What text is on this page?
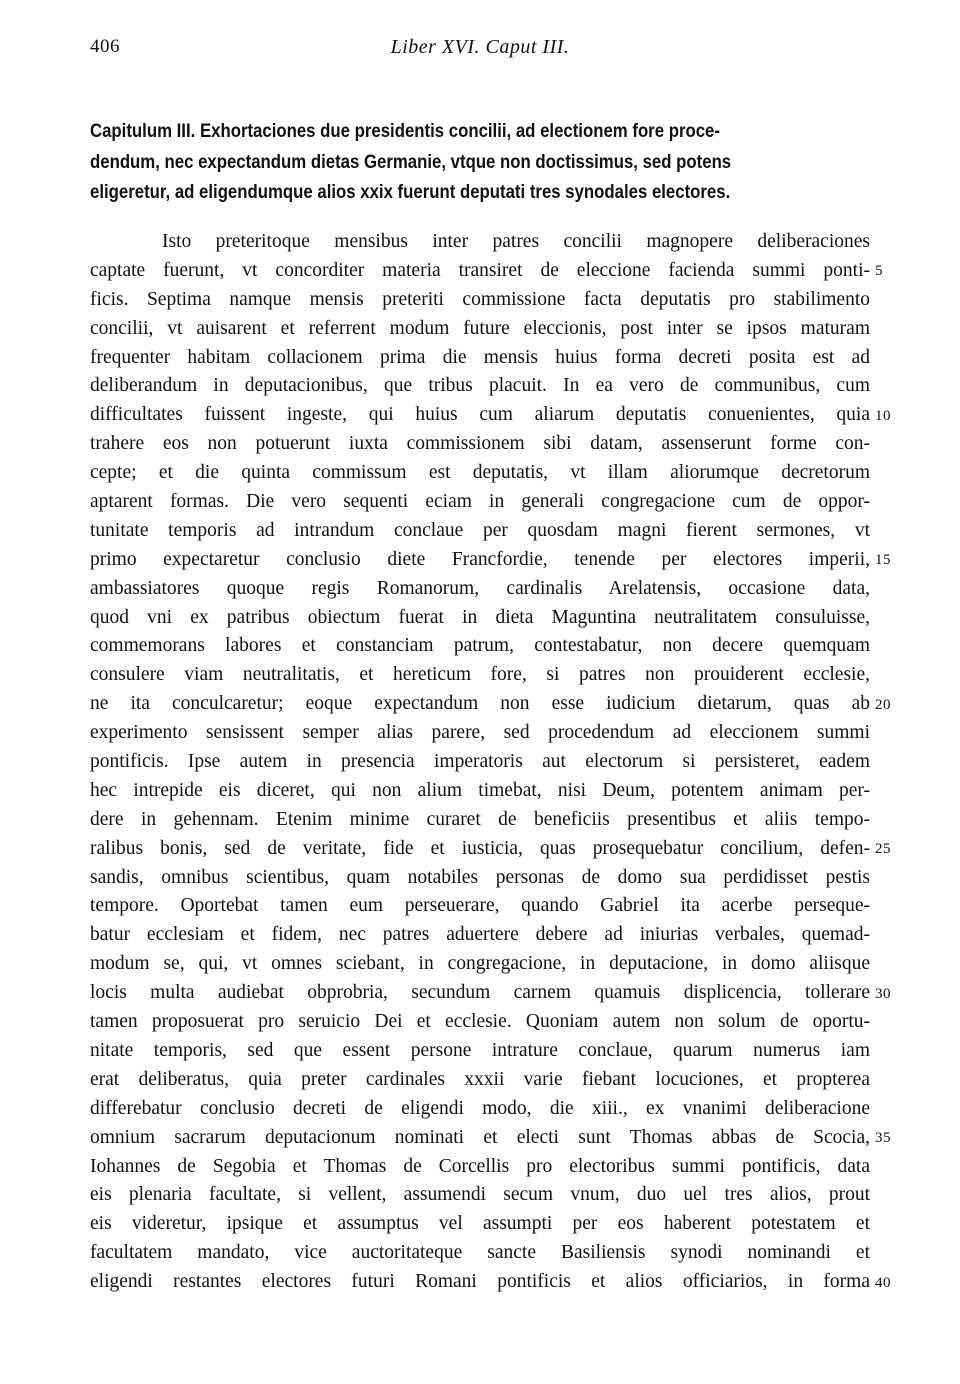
406	Liber XVI. Caput III.
Capitulum III. Exhortaciones due presidentis concilii, ad electionem fore proce-
dendum, nec expectandum dietas Germanie, vtque non doctissimus, sed potens
eligeretur, ad eligendumque alios xxix fuerunt deputati tres synodales electores.
Isto preteritoque mensibus inter patres concilii magnopere deliberaciones
captate fuerunt, vt concorditer materia transiret de eleccione facienda summi ponti-
ficis. Septima namque mensis preteriti commissione facta deputatis pro stabilimento
concilii, vt auisarent et referrent modum future eleccionis, post inter se ipsos maturam
frequenter habitam collacionem prima die mensis huius forma decreti posita est ad
deliberandum in deputacionibus, que tribus placuit. In ea vero de communibus, cum
difficultates fuissent ingeste, qui huius cum aliarum deputatis conuenientes, quia
trahere eos non potuerunt iuxta commissionem sibi datam, assenserunt forme con-
cepte; et die quinta commissum est deputatis, vt illam aliorumque decretorum
aptarent formas. Die vero sequenti eciam in generali congregacione cum de oppor-
tunitate temporis ad intrandum conclaue per quosdam magni fierent sermones, vt
primo expectaretur conclusio diete Francfordie, tenende per electores imperii,
ambassiatores quoque regis Romanorum, cardinalis Arelatensis, occasione data,
quod vni ex patribus obiectum fuerat in dieta Maguntina neutralitatem consuluisse,
commemorans labores et constanciam patrum, contestabatur, non decere quemquam
consulere viam neutralitatis, et hereticum fore, si patres non prouiderent ecclesie,
ne ita conculcaretur; eoque expectandum non esse iudicium dietarum, quas ab
experimento sensissent semper alias parere, sed procedendum ad eleccionem summi
pontificis. Ipse autem in presencia imperatoris aut electorum si persisteret, eadem
hec intrepide eis diceret, qui non alium timebat, nisi Deum, potentem animam per-
dere in gehennam. Etenim minime curaret de beneficiis presentibus et aliis tempo-
ralibus bonis, sed de veritate, fide et iusticia, quas prosequebatur concilium, defen-
sandis, omnibus scientibus, quam notabiles personas de domo sua perdidisset pestis
tempore. Oportebat tamen eum perseuerare, quando Gabriel ita acerbe perseque-
batur ecclesiam et fidem, nec patres aduertere debere ad iniurias verbales, quemad-
modum se, qui, vt omnes sciebant, in congregacione, in deputacione, in domo aliisque
locis multa audiebat obprobria, secundum carnem quamuis displicencia, tollerare
tamen proposuerat pro seruicio Dei et ecclesie. Quoniam autem non solum de oportu-
nitate temporis, sed que essent persone intrature conclaue, quarum numerus iam
erat deliberatus, quia preter cardinales xxxii varie fiebant locuciones, et propterea
differebatur conclusio decreti de eligendi modo, die xiii., ex vnanimi deliberacione
omnium sacrarum deputacionum nominati et electi sunt Thomas abbas de Scocia,
Iohannes de Segobia et Thomas de Corcellis pro electoribus summi pontificis, data
eis plenaria facultate, si vellent, assumendi secum vnum, duo uel tres alios, prout
eis videretur, ipsique et assumptus vel assumpti per eos haberent potestatem et
facultatem mandato, vice auctoritateque sancte Basiliensis synodi nominandi et
eligendi restantes electores futuri Romani pontificis et alios officiarios, in forma
5
10
15
20
25
30
35
40
